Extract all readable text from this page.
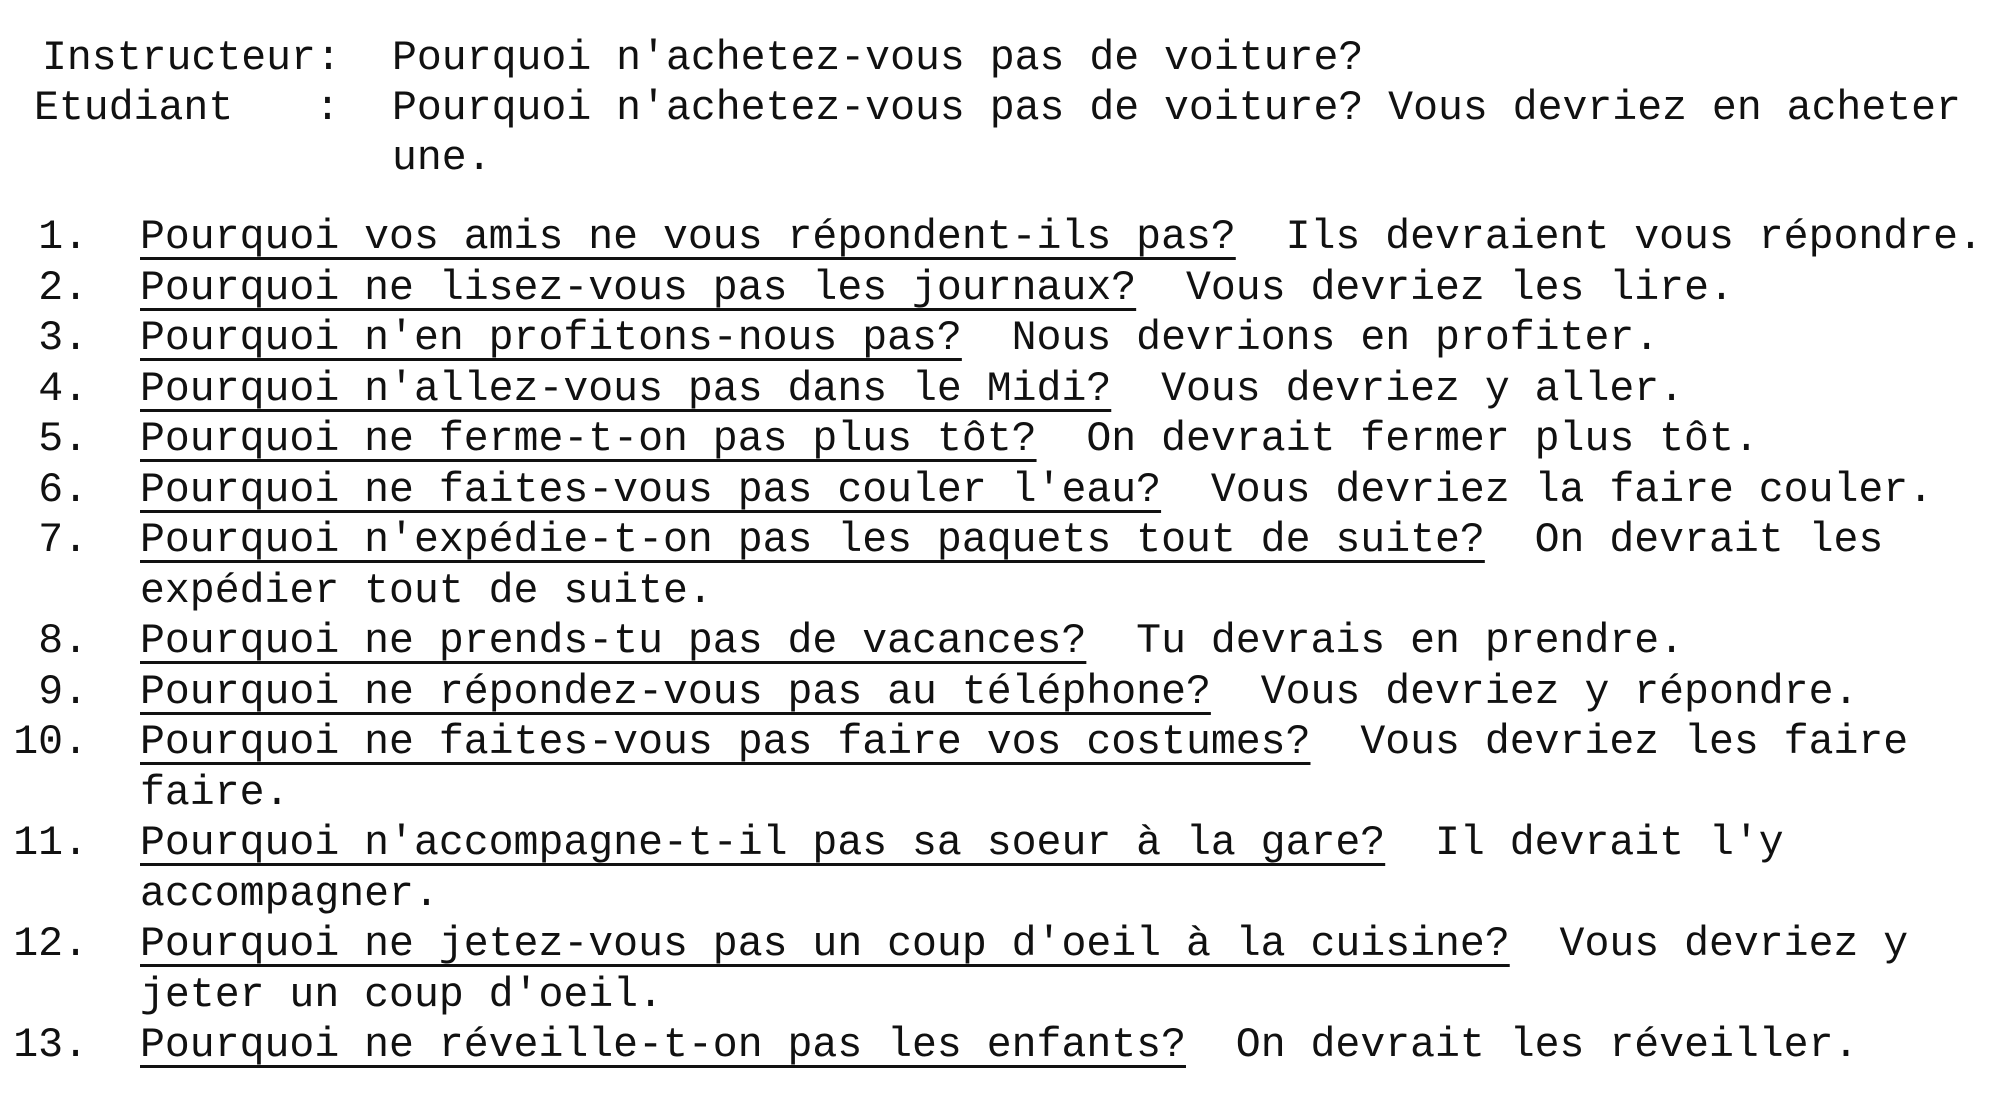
Instructeur: Pourquoi n'achetez-vous pas de voiture?
Etudiant : Pourquoi n'achetez-vous pas de voiture? Vous devriez en acheter
une.
1. Pourquoi vos amis ne vous répondent-ils pas? Ils devraient vous répondre.
2. Pourquoi ne lisez-vous pas les journaux? Vous devriez les lire.
3. Pourquoi n'en profitons-nous pas? Nous devrions en profiter.
4. Pourquoi n'allez-vous pas dans le Midi? Vous devriez y aller.
5. Pourquoi ne ferme-t-on pas plus tôt? On devrait fermer plus tôt.
6. Pourquoi ne faites-vous pas couler l'eau? Vous devriez la faire couler.
7. Pourquoi n'expédie-t-on pas les paquets tout de suite? On devrait les expédier tout de suite.
8. Pourquoi ne prends-tu pas de vacances? Tu devrais en prendre.
9. Pourquoi ne répondez-vous pas au téléphone? Vous devriez y répondre.
10. Pourquoi ne faites-vous pas faire vos costumes? Vous devriez les faire faire.
11. Pourquoi n'accompagne-t-il pas sa soeur à la gare? Il devrait l'y accompagner.
12. Pourquoi ne jetez-vous pas un coup d'oeil à la cuisine? Vous devriez y jeter un coup d'oeil.
13. Pourquoi ne réveille-t-on pas les enfants? On devrait les réveiller.
